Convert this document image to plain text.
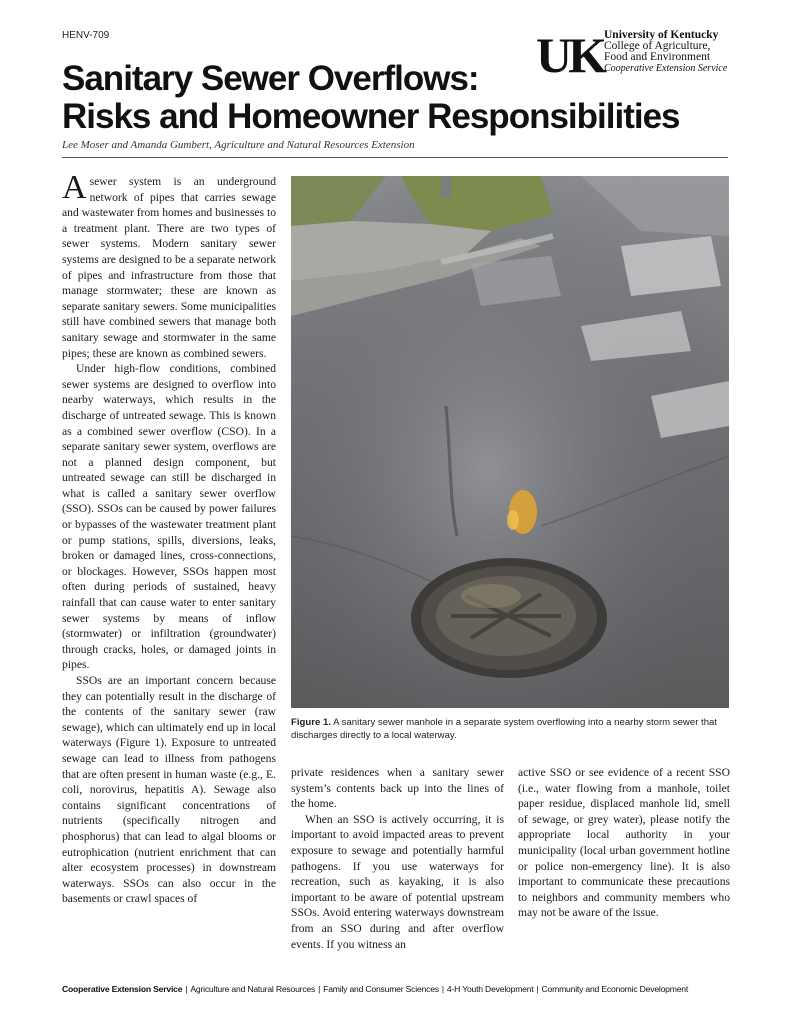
HENV-709	UK University of Kentucky
College of Agriculture,
Food and Environment
Cooperative Extension Service
Sanitary Sewer Overflows:
Risks and Homeowner Responsibilities
Lee Moser and Amanda Gumbert, Agriculture and Natural Resources Extension

A sewer system is an underground network of pipes that carries sewage and wastewater from homes and businesses to a treatment plant. There are two types of sewer systems. Modern sanitary sewer systems are designed to be a separate network of pipes and infrastructure from those that manage stormwater; these are known as separate sanitary sewers. Some municipalities still have combined sewers that manage both sanitary sewage and stormwater in the same pipes; these are known as combined sewers.

Under high-flow conditions, combined sewer systems are designed to overflow into nearby waterways, which results in the discharge of untreated sewage. This is known as a combined sewer overflow (CSO). In a separate sanitary sewer system, overflows are not a planned design component, but untreated sewage can still be discharged in what is called a sanitary sewer overflow (SSO). SSOs can be caused by power failures or bypasses of the wastewater treatment plant or pump stations, spills, diversions, leaks, broken or damaged lines, cross-connections, or blockages. However, SSOs happen most often during periods of sustained, heavy rainfall that can cause water to enter sanitary sewer systems by means of inflow (stormwater) or infiltration (groundwater) through cracks, holes, or damaged joints in pipes.

SSOs are an important concern because they can potentially result in the discharge of the contents of the sanitary sewer (raw sewage), which can ultimately end up in local waterways (Figure 1). Exposure to untreated sewage can lead to illness from pathogens that are often present in human waste (e.g., E. coli, norovirus, hepatitis A). Sewage also contains significant concentrations of nutrients (specifically nitrogen and phosphorus) that can lead to algal blooms or eutrophication (nutrient enrichment that can alter ecosystem processes) in downstream waterways. SSOs can also occur in the basements or crawl spaces of

Figure 1. A sanitary sewer manhole in a separate system overflowing into a nearby storm sewer that discharges directly to a local waterway.

private residences when a sanitary sewer system’s contents back up into the lines of the home.

When an SSO is actively occurring, it is important to avoid impacted areas to prevent exposure to sewage and potentially harmful pathogens. If you use waterways for recreation, such as kayaking, it is also important to be aware of potential upstream SSOs. Avoid entering waterways downstream from an SSO during and after overflow events. If you witness an

active SSO or see evidence of a recent SSO (i.e., water flowing from a manhole, toilet paper residue, displaced manhole lid, smell of sewage, or grey water), please notify the appropriate local authority in your municipality (local urban government hotline or police non-emergency line). It is also important to communicate these precautions to neighbors and community members who may not be aware of the issue.

Cooperative Extension Service | Agriculture and Natural Resources | Family and Consumer Sciences | 4-H Youth Development | Community and Economic Development
